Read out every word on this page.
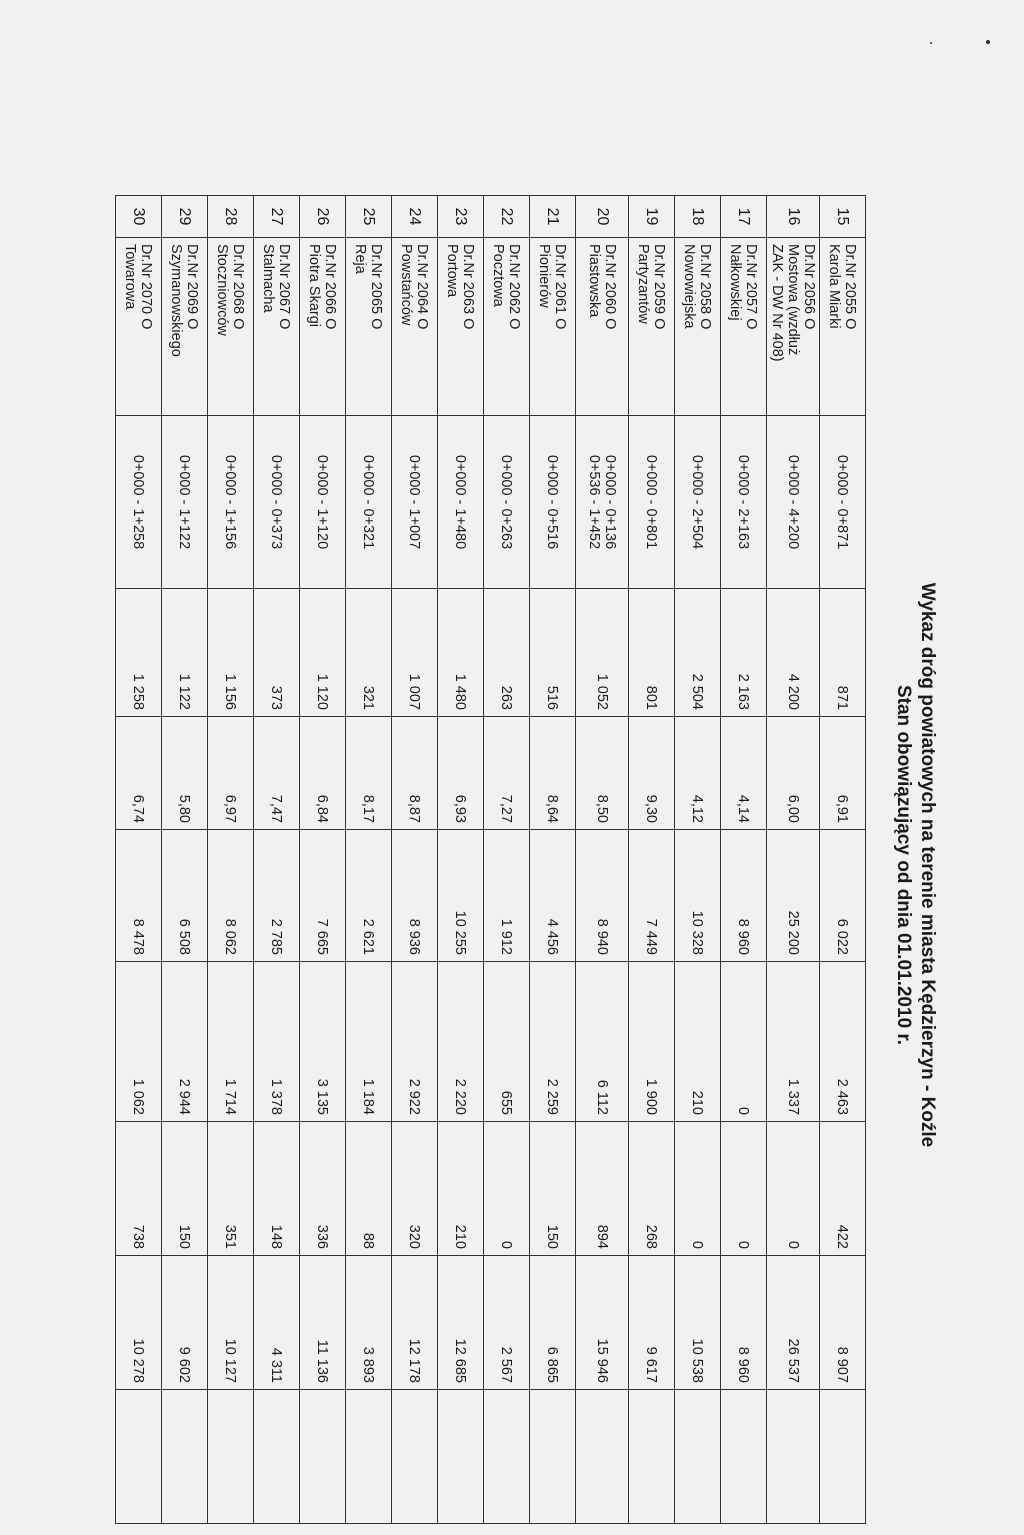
Wykaz dróg powiatowych na terenie miasta Kędzierzyn - Koźle
Stan obowiązujący od dnia 01.01.2010 r.
15	Dr.Nr 2055 O
Karola Miarki	0+000 - 0+871	871	6,91	6 022	2 463	422	8 907	
16	Dr.Nr 2056 O
Mostowa (wzdłuż
ZAK - DW Nr 408)	0+000 - 4+200	4 200	6,00	25 200	1 337	0	26 537	
17	Dr.Nr 2057 O
Nałkowskiej	0+000 - 2+163	2 163	4,14	8 960	0	0	8 960	
18	Dr.Nr 2058 O
Nowowiejska	0+000 - 2+504	2 504	4,12	10 328	210	0	10 538	
19	Dr.Nr 2059 O
Partyzantów	0+000 - 0+801	801	9,30	7 449	1 900	268	9 617	
20	Dr.Nr 2060 O
Piastowska	0+000 - 0+136
0+536 - 1+452	1 052	8,50	8 940	6 112	894	15 946	
21	Dr.Nr 2061 O
Pionierów	0+000 - 0+516	516	8,64	4 456	2 259	150	6 865	
22	Dr.Nr 2062 O
Pocztowa	0+000 - 0+263	263	7,27	1 912	655	0	2 567	
23	Dr.Nr 2063 O
Portowa	0+000 - 1+480	1 480	6,93	10 255	2 220	210	12 685	
24	Dr.Nr 2064 O
Powstańców	0+000 - 1+007	1 007	8,87	8 936	2 922	320	12 178	
25	Dr.Nr 2065 O
Reja	0+000 - 0+321	321	8,17	2 621	1 184	88	3 893	
26	Dr.Nr 2066 O
Piotra Skargi	0+000 - 1+120	1 120	6,84	7 665	3 135	336	11 136	
27	Dr.Nr 2067 O
Stalmacha	0+000 - 0+373	373	7,47	2 785	1 378	148	4 311	
28	Dr.Nr 2068 O
Stoczniowców	0+000 - 1+156	1 156	6,97	8 062	1 714	351	10 127	
29	Dr.Nr 2069 O
Szymanowskiego	0+000 - 1+122	1 122	5,80	6 508	2 944	150	9 602	
30	Dr.Nr 2070 O
Towarowa	0+000 - 1+258	1 258	6,74	8 478	1 062	738	10 278	
